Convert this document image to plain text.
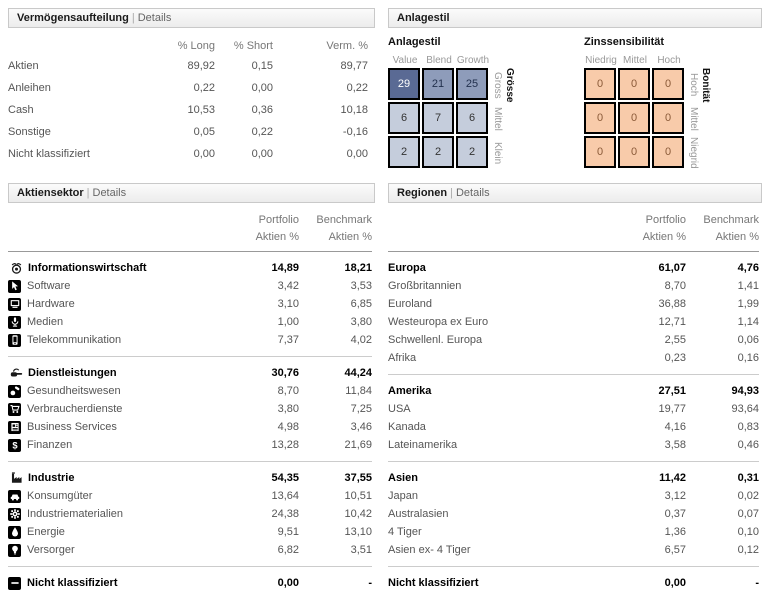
Vermögensaufteilung | Details
% Long	% Short	Verm. %
Aktien	89,92	0,15	89,77
Anleihen	0,22	0,00	0,22
Cash	10,53	0,36	10,18
Sonstige	0,05	0,22	-0,16
Nicht klassifiziert	0,00	0,00	0,00
Anlagestil
Anlagestil
Value Blend Growth
29	21	25
6	7	6
2	2	2
Gross
Mittel
Klein
Grösse
Zinssensibilität
Niedrig Mittel Hoch
0	0	0
0	0	0
0	0	0
Hoch
Mittel
Niegrid
Bonität
Aktiensektor | Details
Portfolio	Benchmark
Aktien %	Aktien %
Informationswirtschaft	14,89	18,21
Software	3,42	3,53
Hardware	3,10	6,85
Medien	1,00	3,80
Telekommunikation	7,37	4,02
Dienstleistungen	30,76	44,24
Gesundheitswesen	8,70	11,84
Verbraucherdienste	3,80	7,25
Business Services	4,98	3,46
$ Finanzen	13,28	21,69
Industrie	54,35	37,55
Konsumgüter	13,64	10,51
Industriematerialien	24,38	10,42
Energie	9,51	13,10
Versorger	6,82	3,51
Nicht klassifiziert	0,00	-
Regionen | Details
Portfolio	Benchmark
Aktien %	Aktien %
Europa	61,07	4,76
Großbritannien	8,70	1,41
Euroland	36,88	1,99
Westeuropa ex Euro	12,71	1,14
Schwellenl. Europa	2,55	0,06
Afrika	0,23	0,16
Amerika	27,51	94,93
USA	19,77	93,64
Kanada	4,16	0,83
Lateinamerika	3,58	0,46
Asien	11,42	0,31
Japan	3,12	0,02
Australasien	0,37	0,07
4 Tiger	1,36	0,10
Asien ex- 4 Tiger	6,57	0,12
Nicht klassifiziert	0,00	-
